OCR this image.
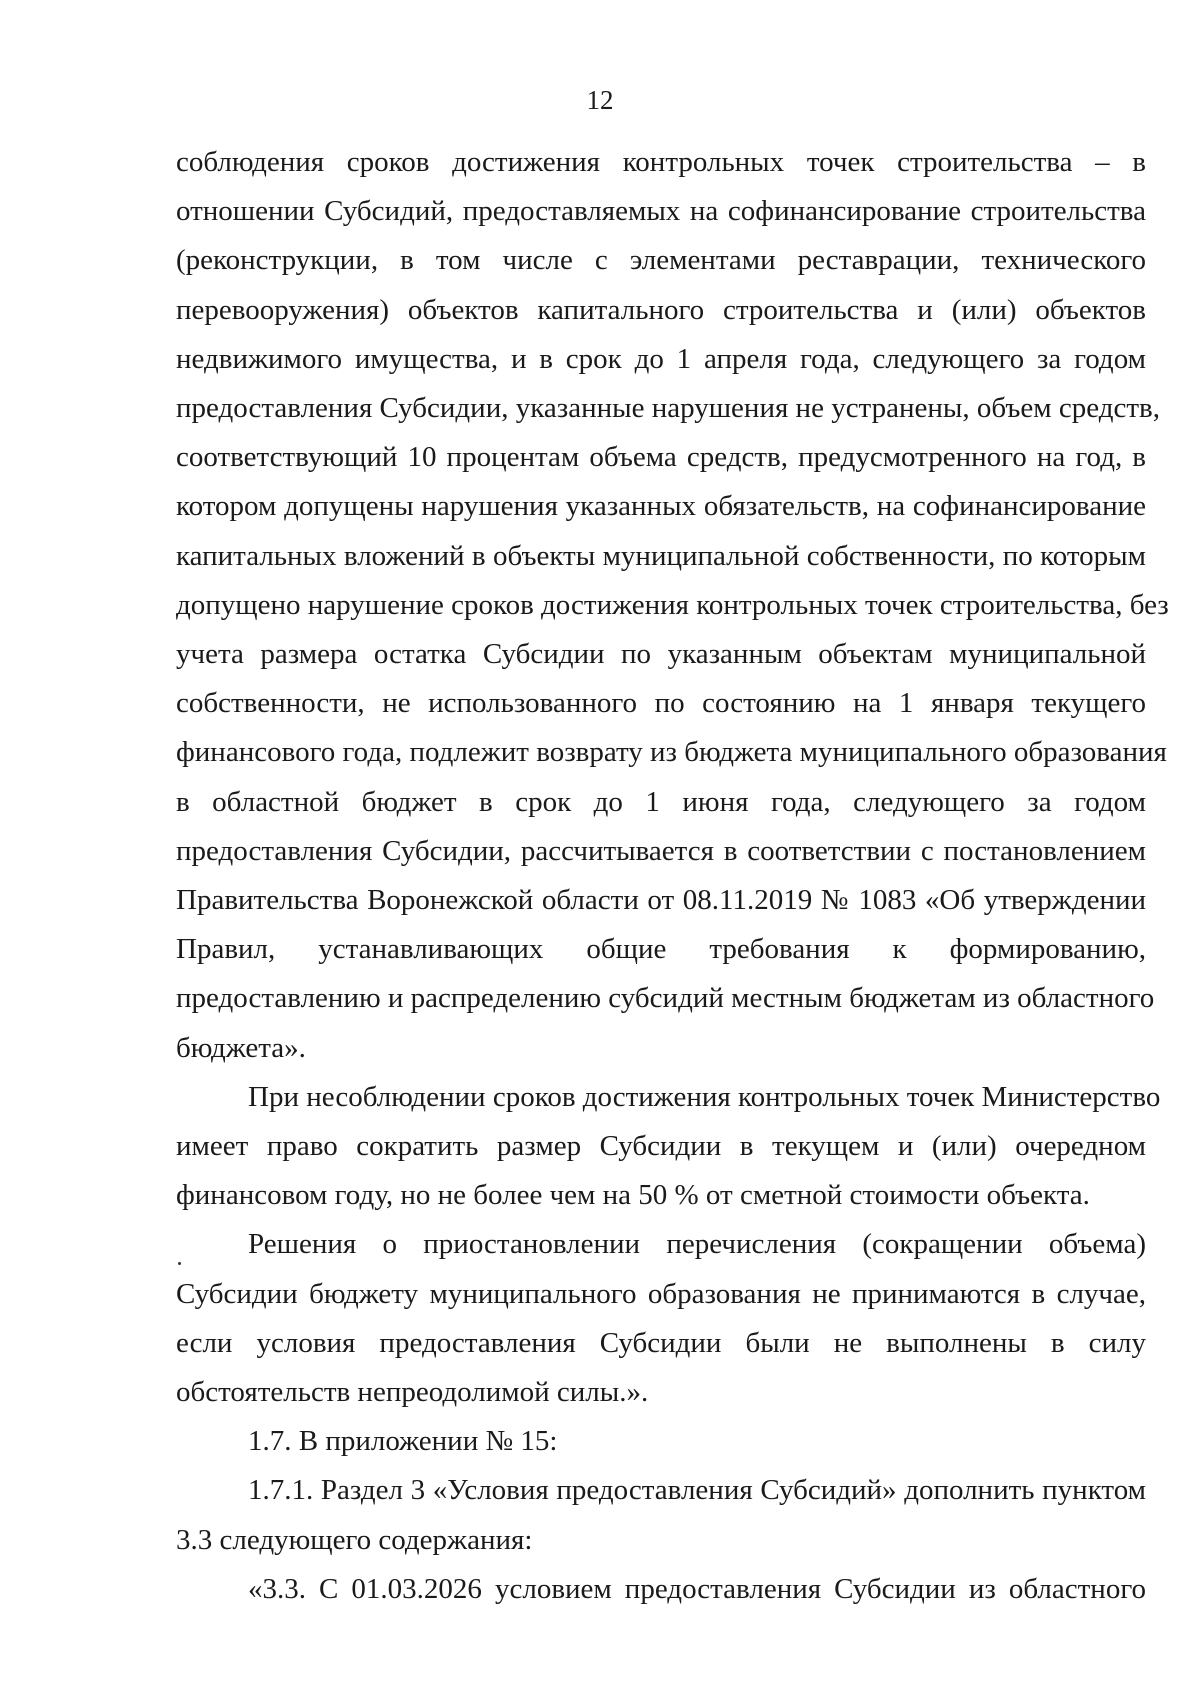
12

соблюдения сроков достижения контрольных точек строительства – в
отношении Субсидий, предоставляемых на софинансирование строительства
(реконструкции, в том числе с элементами реставрации, технического
перевооружения) объектов капитального строительства и (или) объектов
недвижимого имущества, и в срок до 1 апреля года, следующего за годом
предоставления Субсидии, указанные нарушения не устранены, объем средств,
соответствующий 10 процентам объема средств, предусмотренного на год, в
котором допущены нарушения указанных обязательств, на софинансирование
капитальных вложений в объекты муниципальной собственности, по которым
допущено нарушение сроков достижения контрольных точек строительства, без
учета размера остатка Субсидии по указанным объектам муниципальной
собственности, не использованного по состоянию на 1 января текущего
финансового года, подлежит возврату из бюджета муниципального образования
в областной бюджет в срок до 1 июня года, следующего за годом
предоставления Субсидии, рассчитывается в соответствии с постановлением
Правительства Воронежской области от 08.11.2019 № 1083 «Об утверждении
Правил, устанавливающих общие требования к формированию,
предоставлению и распределению субсидий местным бюджетам из областного
бюджета».

При несоблюдении сроков достижения контрольных точек Министерство
имеет право сократить размер Субсидии в текущем и (или) очередном
финансовом году, но не более чем на 50 % от сметной стоимости объекта.

Решения о приостановлении перечисления (сокращении объема)
Субсидии бюджету муниципального образования не принимаются в случае,
если условия предоставления Субсидии были не выполнены в силу
обстоятельств непреодолимой силы.».

1.7. В приложении № 15:

1.7.1. Раздел 3 «Условия предоставления Субсидий» дополнить пунктом
3.3 следующего содержания:

«3.3. С 01.03.2026 условием предоставления Субсидии из областного
